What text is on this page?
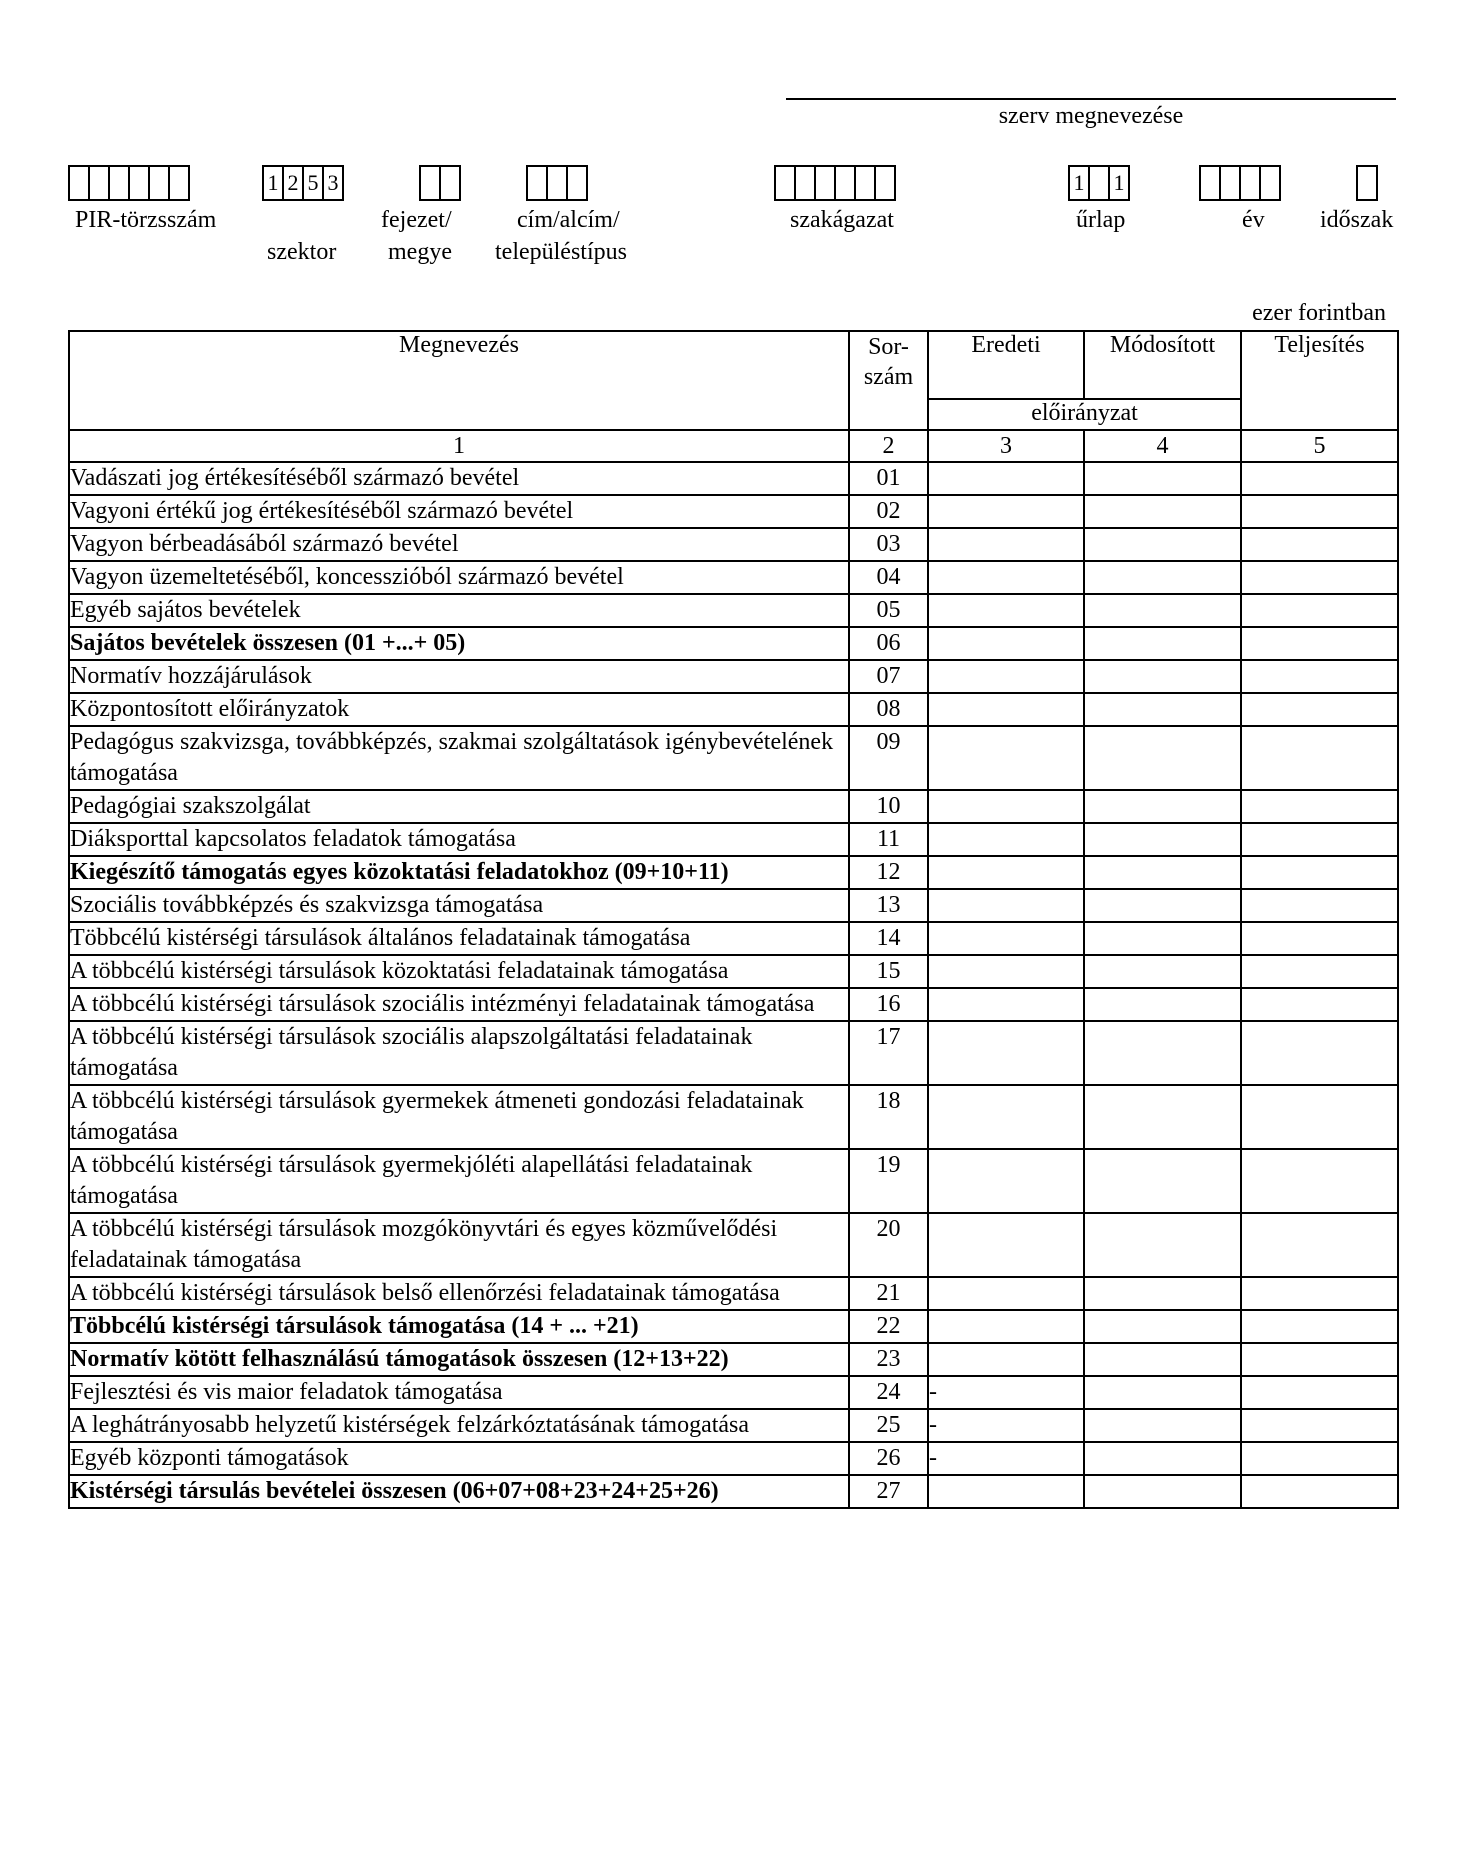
szerv megnevezése
PIR-törzsszám
1 2 5 3
szektor
fejezet/
megye
cím/alcím/
településtípus
szakágazat
1 1
űrlap	év időszak
ezer forintban
Megnevezés	Sor-szám	Eredeti	Módosított	Teljesítés
		előirányzat		
1	2	3	4	5
Vadászati jog értékesítéséből származó bevétel	01			
Vagyoni értékű jog értékesítéséből származó bevétel	02			
Vagyon bérbeadásából származó bevétel	03			
Vagyon üzemeltetéséből, koncesszióból származó bevétel	04			
Egyéb sajátos bevételek	05			
Sajátos bevételek összesen (01 +...+ 05)	06			
Normatív hozzájárulások	07			
Központosított előirányzatok	08			
Pedagógus szakvizsga, továbbképzés, szakmai szolgáltatások igénybevételének támogatása	09			
Pedagógiai szakszolgálat	10			
Diáksporttal kapcsolatos feladatok támogatása	11			
Kiegészítő támogatás egyes közoktatási feladatokhoz (09+10+11)	12			
Szociális továbbképzés és szakvizsga támogatása	13			
Többcélú kistérségi társulások általános feladatainak támogatása	14			
A többcélú kistérségi társulások közoktatási feladatainak támogatása	15			
A többcélú kistérségi társulások szociális intézményi feladatainak támogatása	16			
A többcélú kistérségi társulások szociális alapszolgáltatási feladatainak támogatása	17			
A többcélú kistérségi társulások gyermekek átmeneti gondozási feladatainak támogatása	18			
A többcélú kistérségi társulások gyermekjóléti alapellátási feladatainak támogatása	19			
A többcélú kistérségi társulások mozgókönyvtári és egyes közművelődési feladatainak támogatása	20			
A többcélú kistérségi társulások belső ellenőrzési feladatainak támogatása	21			
Többcélú kistérségi társulások támogatása (14 + ... +21)	22			
Normatív kötött felhasználású támogatások összesen (12+13+22)	23			
Fejlesztési és vis maior feladatok támogatása	24	-		
A leghátrányosabb helyzetű kistérségek felzárkóztatásának támogatása	25	-		
Egyéb központi támogatások	26	-		
Kistérségi társulás bevételei összesen (06+07+08+23+24+25+26)	27			
